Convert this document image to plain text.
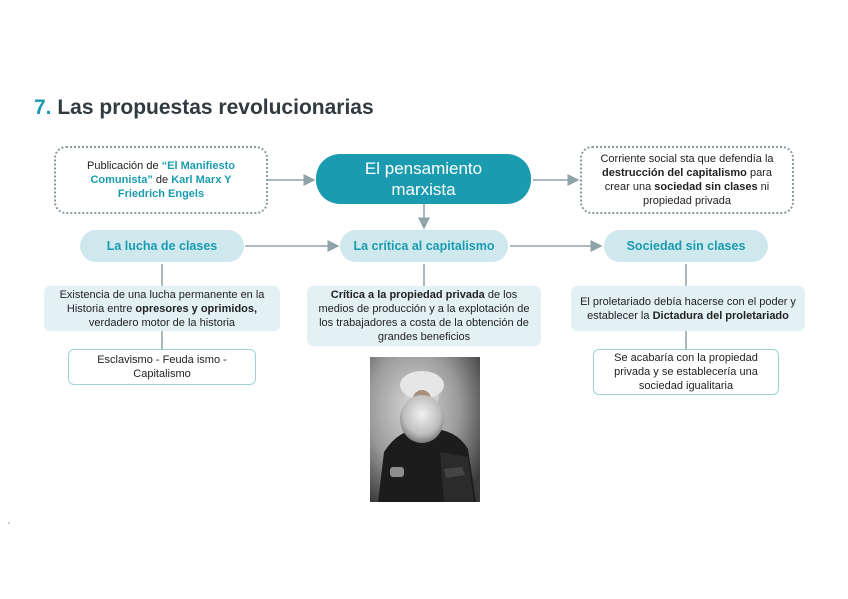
7. Las propuestas revolucionarias
Publicación de “El Manifiesto Comunista” de Karl Marx Y Friedrich Engels
El pensamiento
marxista
Corriente social sta que defendía la destrucción del capitalismo para crear una sociedad sin clases ni propiedad privada
La lucha de clases	La crítica al capitalismo	Sociedad sin clases
Existencia de una lucha permanente en la Historia entre opresores y oprimidos, verdadero motor de la historia
Crítica a la propiedad privada de los medios de producción y a la explotación de los trabajadores a costa de la obtención de grandes beneficios
El proletariado debía hacerse con el poder y establecer la Dictadura del proletariado
Esclavismo - Feuda ismo - Capitalismo
Se acabaría con la propiedad privada y se establecería una sociedad igualitaria
